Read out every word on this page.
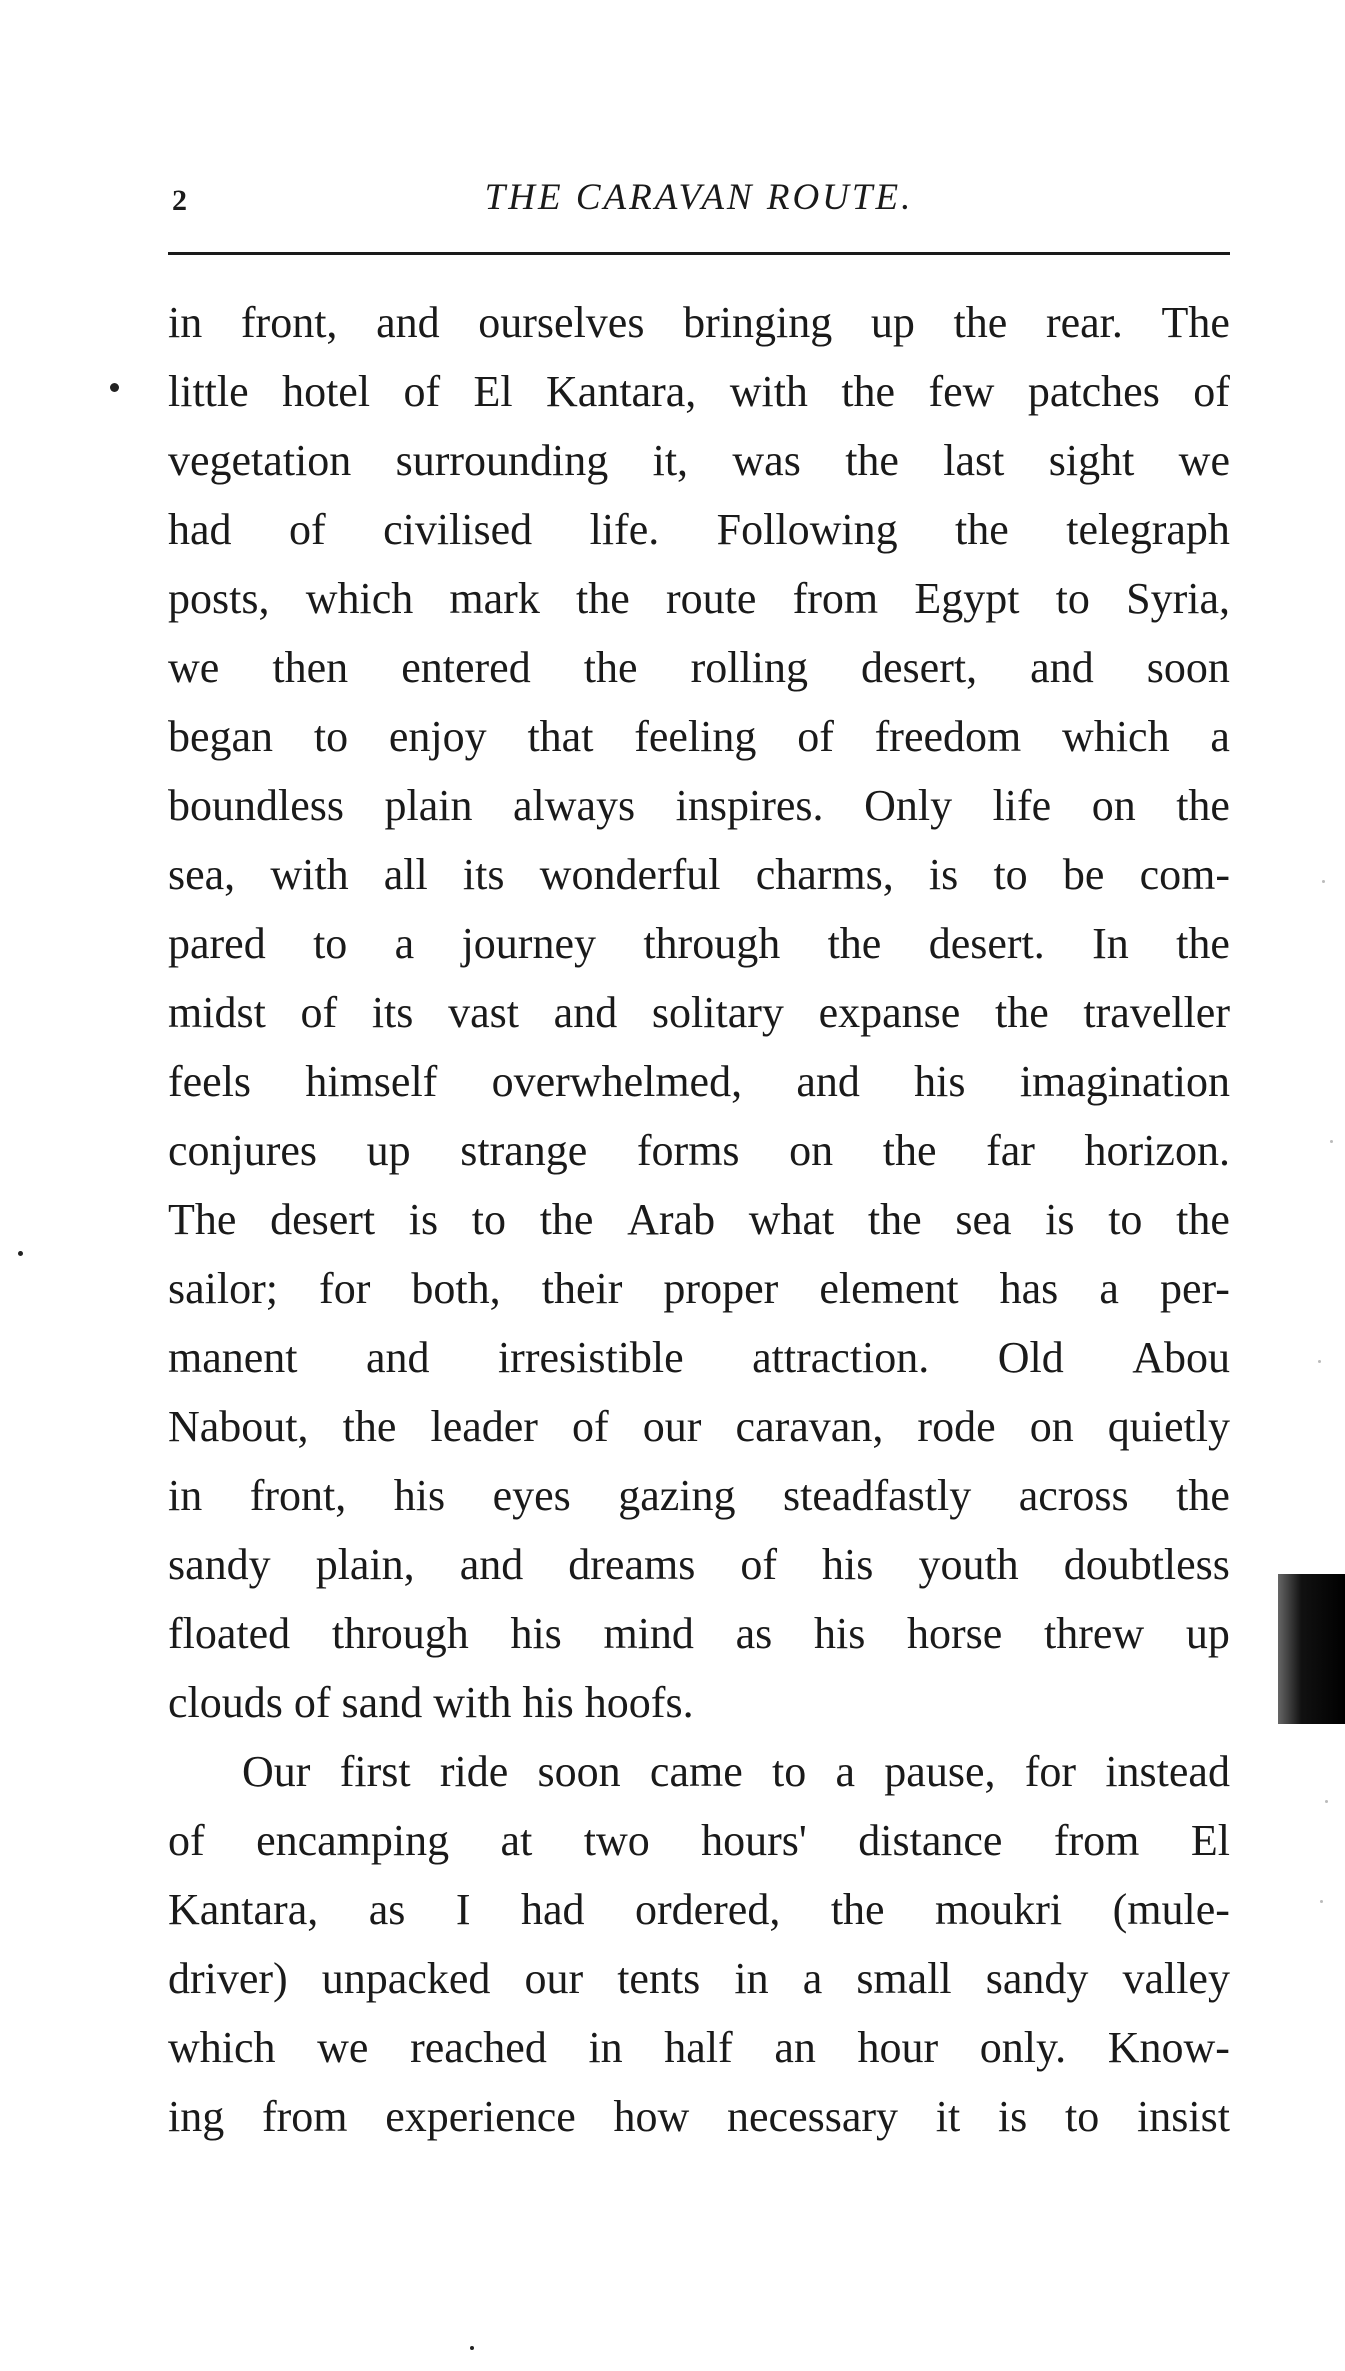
2	THE CARAVAN ROUTE.
in front, and ourselves bringing up the rear. The
little hotel of El Kantara, with the few patches of
vegetation surrounding it, was the last sight we
had of civilised life. Following the telegraph
posts, which mark the route from Egypt to Syria,
we then entered the rolling desert, and soon
began to enjoy that feeling of freedom which a
boundless plain always inspires. Only life on the
sea, with all its wonderful charms, is to be com-
pared to a journey through the desert. In the
midst of its vast and solitary expanse the traveller
feels himself overwhelmed, and his imagination
conjures up strange forms on the far horizon.
The desert is to the Arab what the sea is to the
sailor; for both, their proper element has a per-
manent and irresistible attraction. Old Abou
Nabout, the leader of our caravan, rode on quietly
in front, his eyes gazing steadfastly across the
sandy plain, and dreams of his youth doubtless
floated through his mind as his horse threw up
clouds of sand with his hoofs.
Our first ride soon came to a pause, for instead
of encamping at two hours' distance from El
Kantara, as I had ordered, the moukri (mule-
driver) unpacked our tents in a small sandy valley
which we reached in half an hour only. Know-
ing from experience how necessary it is to insist
